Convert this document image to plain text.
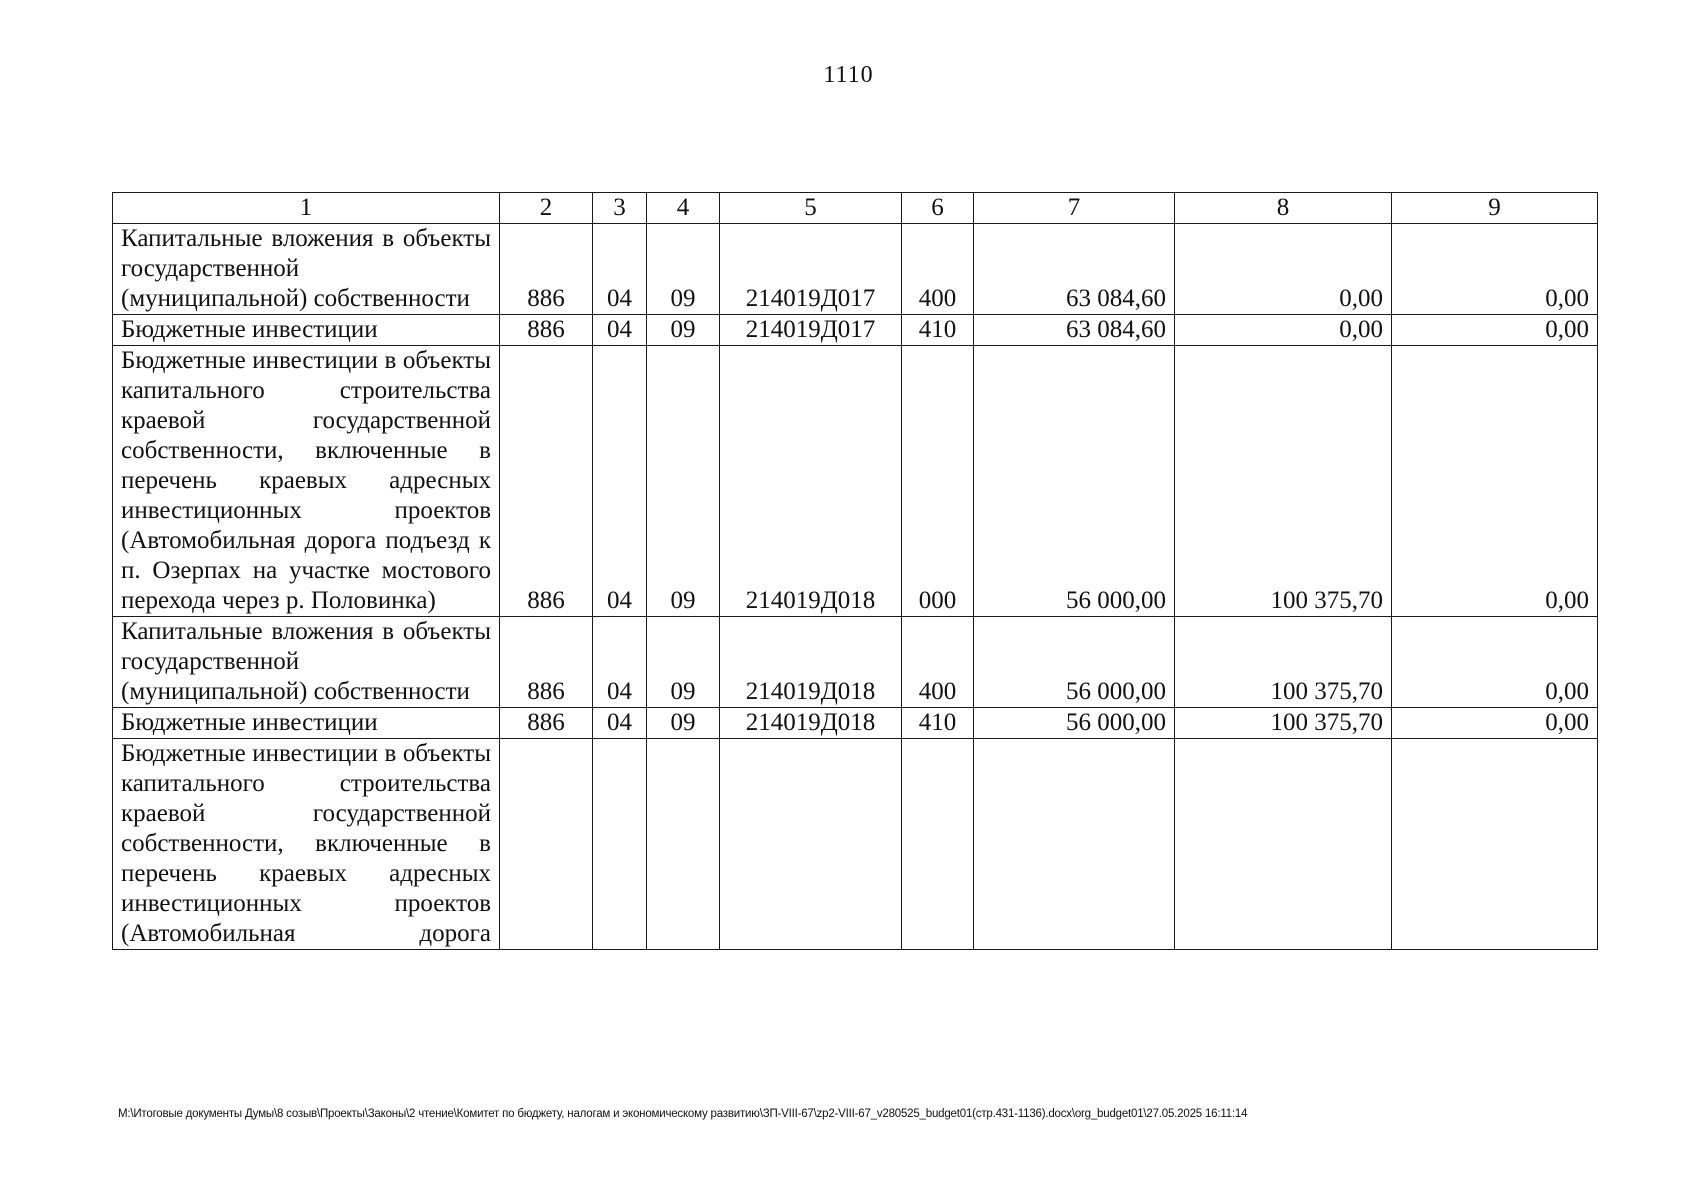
1110
1	2	3	4	5	6	7	8	9
Капитальные вложения в объекты государственной (муниципальной) собственности	886	04	09	214019Д017	400	63 084,60	0,00	0,00
Бюджетные инвестиции	886	04	09	214019Д017	410	63 084,60	0,00	0,00
Бюджетные инвестиции в объекты капитального строительства краевой государственной собственности, включенные в перечень краевых адресных инвестиционных проектов (Автомобильная дорога подъезд к п. Озерпах на участке мостового перехода через р. Половинка)	886	04	09	214019Д018	000	56 000,00	100 375,70	0,00
Капитальные вложения в объекты государственной (муниципальной) собственности	886	04	09	214019Д018	400	56 000,00	100 375,70	0,00
Бюджетные инвестиции	886	04	09	214019Д018	410	56 000,00	100 375,70	0,00
Бюджетные инвестиции в объекты капитального строительства краевой государственной собственности, включенные в перечень краевых адресных инвестиционных проектов (Автомобильная дорога								
M:\Итоговые документы Думы\8 созыв\Проекты\Законы\2 чтение\Комитет по бюджету, налогам и экономическому развитию\ЗП-VIII-67\zp2-VIII-67_v280525_budget01(стр.431-1136).docx\org_budget01\27.05.2025 16:11:14
